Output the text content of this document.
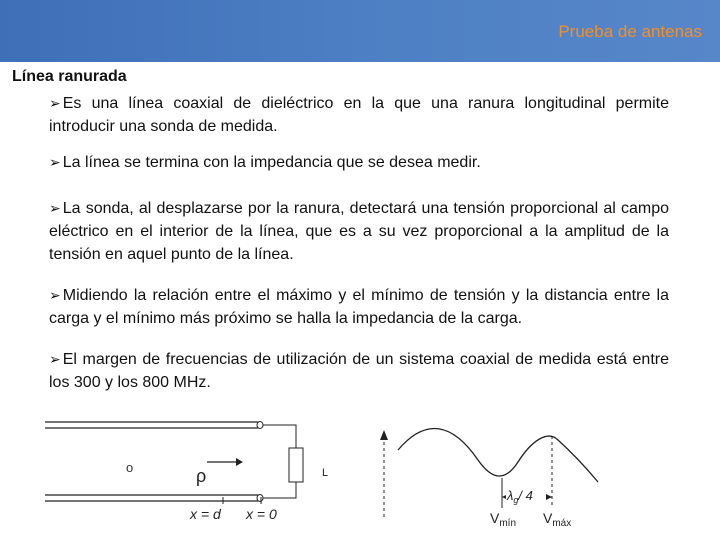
Prueba de antenas
Línea ranurada
➢ Es una línea coaxial de dieléctrico en la que una ranura longitudinal permite introducir una sonda de medida.
➢ La línea se termina con la impedancia que se desea medir.
➢ La sonda, al desplazarse por la ranura, detectará una tensión proporcional al campo eléctrico en el interior de la línea, que es a su vez proporcional a la amplitud de la tensión en aquel punto de la línea.
➢ Midiendo la relación entre el máximo y el mínimo de tensión y la distancia entre la carga y el mínimo más próximo se halla la impedancia de la carga.
➢ El margen de frecuencias de utilización de un sistema coaxial de medida está entre los 300 y los 800 MHz.
o	ρ	L
x = d x = 0
$\lambda_g/$ 4
$V_{mín}$ $V_{máx}$
